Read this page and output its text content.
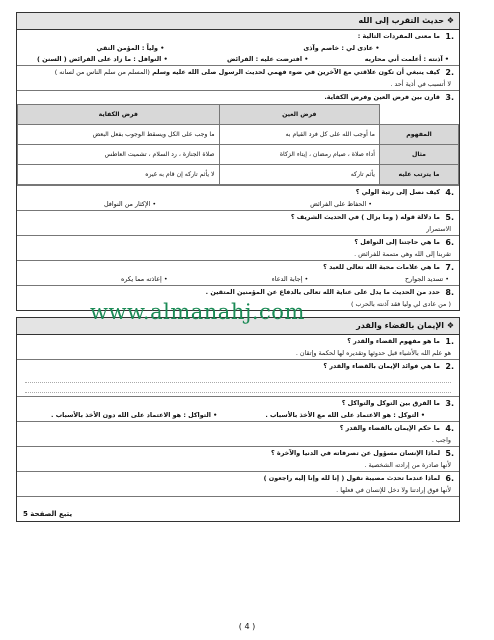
❖ حديث التقرب إلى الله
1.
ما معنى المفردات التالية :
• عادى لي : خاصم وآذى
• ولياً : المؤمن التقي
• آذنته : أعلمت أني محاربه
• افترضت عليه : الفرائض
• النوافل : ما زاد على الفرائض ( السنن )
2.
كيف ينبغي أن تكون علاقتي مع الآخرين في ضوء فهمي لحديث الرسول صلى الله عليه وسلم (المسلم من سلم الناس من لسانه )
لا أتسبب في أذية أحد .
3.
قارن بين فرض العين وفرض الكفاية.
	فرض العين	فرض الكفاية
المفهوم	ما أوجب الله على كل فرد القيام به	ما وجب على الكل ويسقط الوجوب بفعل البعض
مثال	أداء صلاة ، صيام رمضان ، إيتاء الزكاة	صلاة الجنازة ، رد السلام ، تشميت العاطس
ما يترتب عليه	يأثم تاركه	لا يأثم تاركه إن قام به غيره
4.
كيف نصل إلى رتبة الولي ؟
• الحفاظ على الفرائض
• الإكثار من النوافل
5.
ما دلالة قوله ( وما يزال ) في الحديث الشريف ؟
الاستمرار
6.
ما هي حاجتنا إلى النوافل ؟
تقربنا إلى الله وهي متممة للفرائض .
7.
ما هي علامات محبة الله تعالى للعبد ؟
• تسديد الجوارح
• إجابة الدعاء
• إعاذته مما يكره
8.
حدد من الحديث ما يدل على عناية الله تعالى بالدفاع عن المؤمنين المتقين .
( من عادى لي وليا فقد آذنته بالحرب )
❖ الإيمان بالقضاء والقدر
1.
ما هو مفهوم القضاء والقدر ؟
هو علم الله بالأشياء قبل حدوثها وتقديره لها لحكمة وإتقان .
2.
ما هي فوائد الإيمان بالقضاء والقدر ؟
3.
ما الفرق بين التوكل والتواكل ؟
• التوكل : هو الاعتماد على الله مع الأخذ بالأسباب .
• التواكل : هو الاعتماد على الله دون الأخذ بالأسباب .
4.
ما حكم الإيمان بالقضاء والقدر ؟
واجب .
5.
لماذا الإنسان مسؤول عن تصرفاته في الدنيا والآخرة ؟
لأنها صادرة من إرادته الشخصية .
6.
لماذا عندما تحدث مصيبة نقول ( إنا لله وإنا إليه راجعون )
لأنها فوق إرادتنا ولا دخل للإنسان في فعلها .
يتبع الصفحة 5
www.almanahj.com
( 4 )
